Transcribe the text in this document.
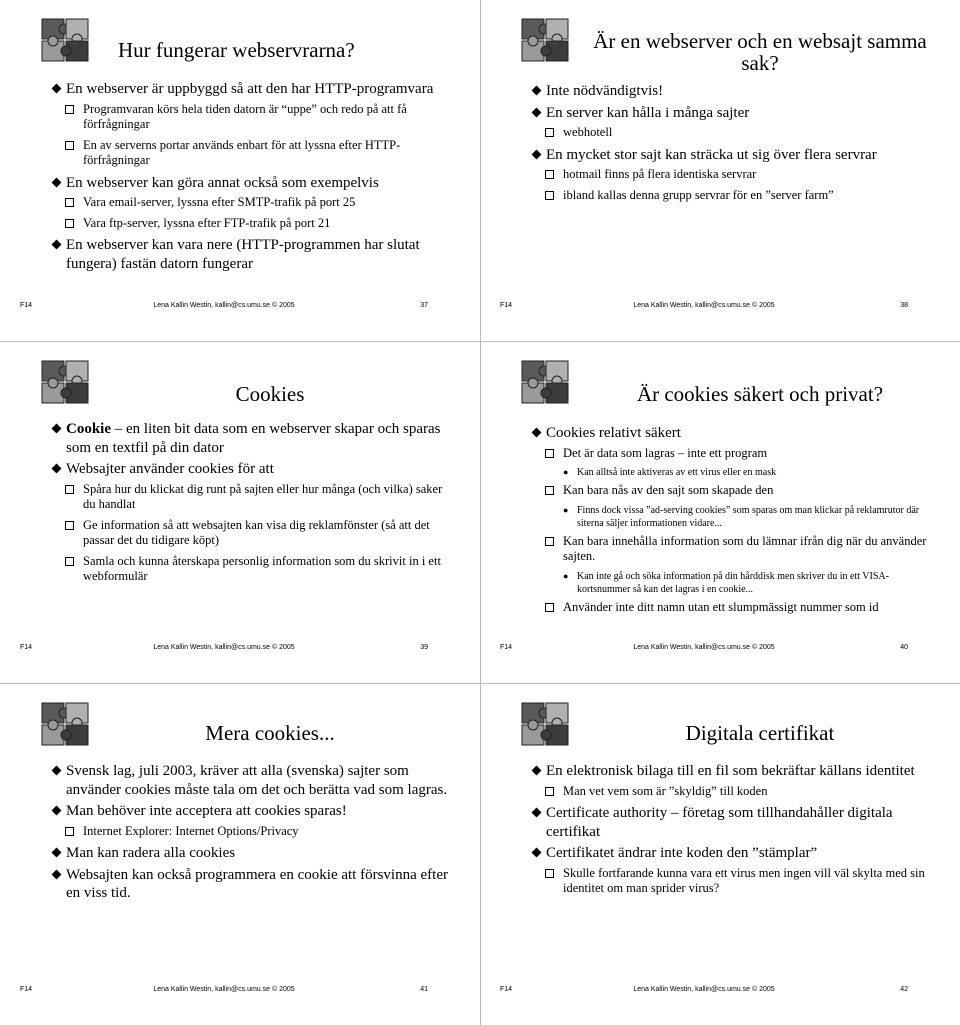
Hur fungerar webservrarna?
En webserver är uppbyggd så att den har HTTP-programvara
Programvaran körs hela tiden datorn är “uppe” och redo på att få förfrågningar
En av serverns portar används enbart för att lyssna efter HTTP-förfrågningar
En webserver kan göra annat också som exempelvis
Vara email-server, lyssna efter SMTP-trafik på port 25
Vara ftp-server, lyssna efter FTP-trafik på port 21
En webserver kan vara nere (HTTP-programmen har slutat fungera) fastän datorn fungerar
F14	Lena Kallin Westin, kallin@cs.umu.se © 2005	37
Är en webserver och en websajt samma sak?
Inte nödvändigtvis!
En server kan hålla i många sajter
webhotell
En mycket stor sajt kan sträcka ut sig över flera servrar
hotmail finns på flera identiska servrar
ibland kallas denna grupp servrar för en ”server farm”
F14	Lena Kallin Westin, kallin@cs.umu.se © 2005	38
Cookies
Cookie – en liten bit data som en webserver skapar och sparas som en textfil på din dator
Websajter använder cookies för att
Spåra hur du klickat dig runt på sajten eller hur många (och vilka) saker du handlat
Ge information så att websajten kan visa dig reklamfönster (så att det passar det du tidigare köpt)
Samla och kunna återskapa personlig information som du skrivit in i ett webformulär
F14	Lena Kallin Westin, kallin@cs.umu.se © 2005	39
Är cookies säkert och privat?
Cookies relativt säkert
Det är data som lagras – inte ett program
● Kan alltså inte aktiveras av ett virus eller en mask
Kan bara nås av den sajt som skapade den
● Finns dock vissa ”ad-serving cookies” som sparas om man klickar på reklamrutor där siterna säljer informationen vidare...
Kan bara innehålla information som du lämnar ifrån dig när du använder sajten.
● Kan inte gå och söka information på din hårddisk men skriver du in ett VISA-kortsnummer så kan det lagras i en cookie...
Använder inte ditt namn utan ett slumpmässigt nummer som id
F14	Lena Kallin Westin, kallin@cs.umu.se © 2005	40
Mera cookies...
Svensk lag, juli 2003, kräver att alla (svenska) sajter som använder cookies måste tala om det och berätta vad som lagras.
Man behöver inte acceptera att cookies sparas!
Internet Explorer: Internet Options/Privacy
Man kan radera alla cookies
Websajten kan också programmera en cookie att försvinna efter en viss tid.
F14	Lena Kallin Westin, kallin@cs.umu.se © 2005	41
Digitala certifikat
En elektronisk bilaga till en fil som bekräftar källans identitet
Man vet vem som är ”skyldig” till koden
Certificate authority – företag som tillhandahåller digitala certifikat
Certifikatet ändrar inte koden den ”stämplar”
Skulle fortfarande kunna vara ett virus men ingen vill väl skylta med sin identitet om man sprider virus?
F14	Lena Kallin Westin, kallin@cs.umu.se © 2005	42
